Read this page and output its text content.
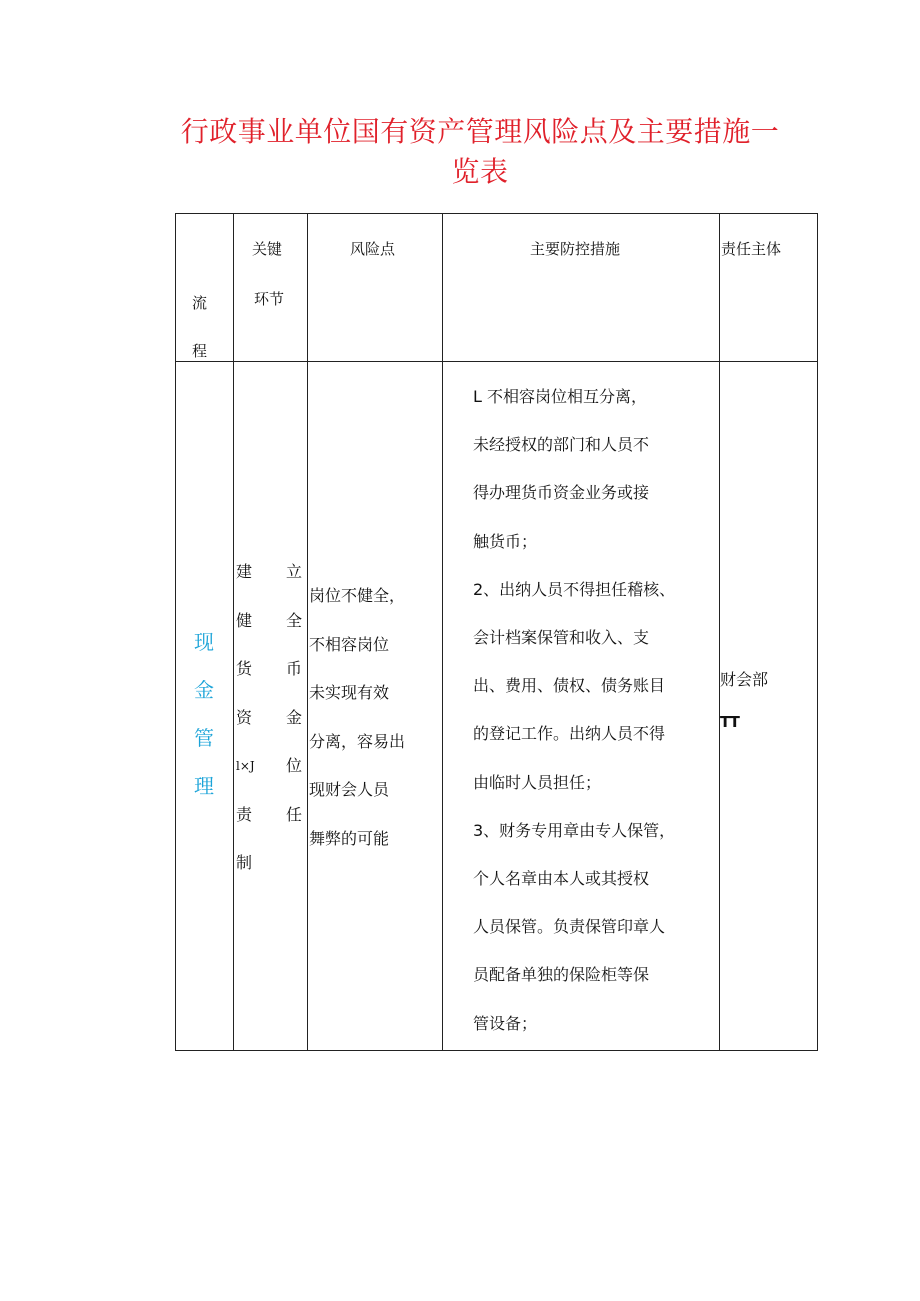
行政事业单位国有资产管理风险点及主要措施一
览表
流
程
关键
环节
风险点	主要防控措施	责任主体
现
金
管
理
建 立
健 全
货 币
资 金
l×J 位
责 任
制
岗位不健全，
不相容岗位
未实现有效
分离，容易出
现财会人员
舞弊的可能
L 不相容岗位相互分离，
未经授权的部门和人员不
得办理货币资金业务或接
触货币；
2、出纳人员不得担任稽核、
会计档案保管和收入、支
出、费用、债权、债务账目
的登记工作。出纳人员不得
由临时人员担任；
3、财务专用章由专人保管，
个人名章由本人或其授权
人员保管。负责保管印章人
员配备单独的保险柜等保
管设备；
财会部
TT
